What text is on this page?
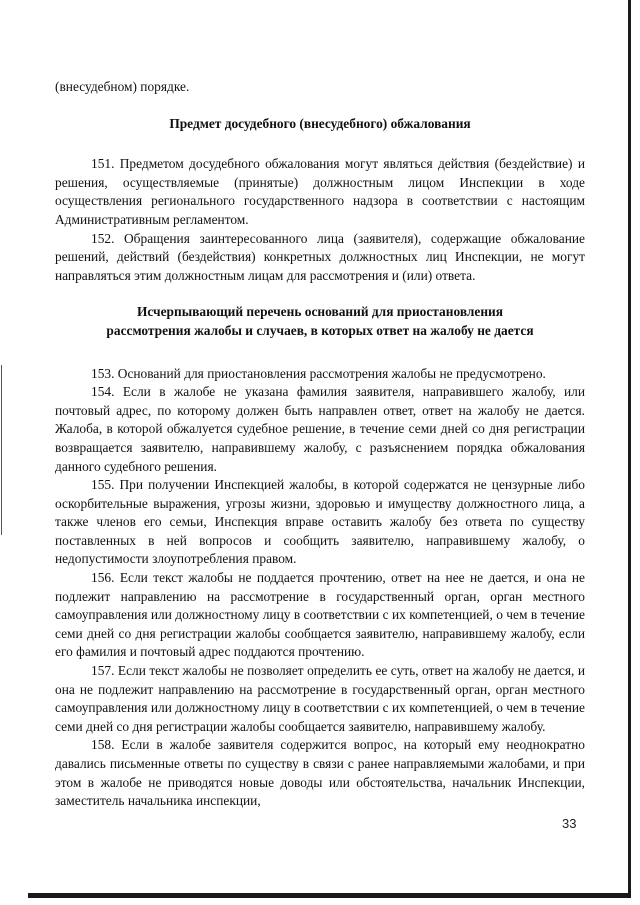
(внесудебном) порядке.

Предмет досудебного (внесудебного) обжалования

151. Предметом досудебного обжалования могут являться действия (бездействие) и решения, осуществляемые (принятые) должностным лицом Инспекции в ходе осуществления регионального государственного надзора в соответствии с настоящим Административным регламентом.

152. Обращения заинтересованного лица (заявителя), содержащие обжалование решений, действий (бездействия) конкретных должностных лиц Инспекции, не могут направляться этим должностным лицам для рассмотрения и (или) ответа.

Исчерпывающий перечень оснований для приостановления
рассмотрения жалобы и случаев, в которых ответ на жалобу не дается

153. Оснований для приостановления рассмотрения жалобы не предусмотрено.

154. Если в жалобе не указана фамилия заявителя, направившего жалобу, или почтовый адрес, по которому должен быть направлен ответ, ответ на жалобу не дается. Жалоба, в которой обжалуется судебное решение, в течение семи дней со дня регистрации возвращается заявителю, направившему жалобу, с разъяснением порядка обжалования данного судебного решения.

155. При получении Инспекцией жалобы, в которой содержатся не цензурные либо оскорбительные выражения, угрозы жизни, здоровью и имуществу должностного лица, а также членов его семьи, Инспекция вправе оставить жалобу без ответа по существу поставленных в ней вопросов и сообщить заявителю, направившему жалобу, о недопустимости злоупотребления правом.

156. Если текст жалобы не поддается прочтению, ответ на нее не дается, и она не подлежит направлению на рассмотрение в государственный орган, орган местного самоуправления или должностному лицу в соответствии с их компетенцией, о чем в течение семи дней со дня регистрации жалобы сообщается заявителю, направившему жалобу, если его фамилия и почтовый адрес поддаются прочтению.

157. Если текст жалобы не позволяет определить ее суть, ответ на жалобу не дается, и она не подлежит направлению на рассмотрение в государственный орган, орган местного самоуправления или должностному лицу в соответствии с их компетенцией, о чем в течение семи дней со дня регистрации жалобы сообщается заявителю, направившему жалобу.

158. Если в жалобе заявителя содержится вопрос, на который ему неоднократно давались письменные ответы по существу в связи с ранее направляемыми жалобами, и при этом в жалобе не приводятся новые доводы или обстоятельства, начальник Инспекции, заместитель начальника инспекции,

33
